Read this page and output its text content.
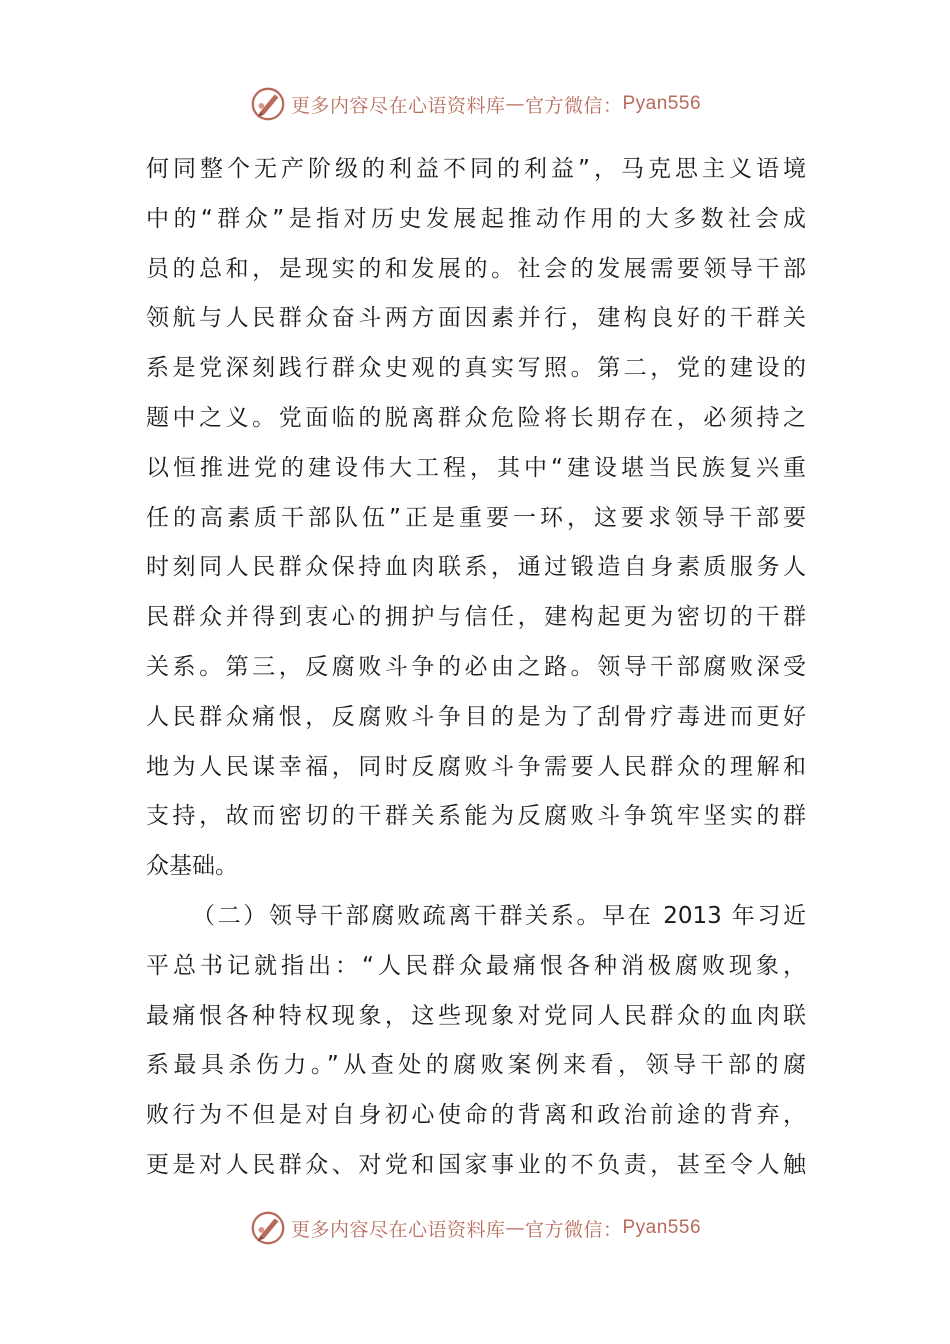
更多内容尽在心语资料库 — 官方微信： Pyan556
何同整个无产阶级的利益不同的利益”，马克思主义语境
中的“群众”是指对历史发展起推动作用的大多数社会成
员的总和，是现实的和发展的。社会的发展需要领导干部
领航与人民群众奋斗两方面因素并行，建构良好的干群关
系是党深刻践行群众史观的真实写照。第二，党的建设的
题中之义。党面临的脱离群众危险将长期存在，必须持之
以恒推进党的建设伟大工程，其中“建设堪当民族复兴重
任的高素质干部队伍”正是重要一环，这要求领导干部要
时刻同人民群众保持血肉联系，通过锻造自身素质服务人
民群众并得到衷心的拥护与信任，建构起更为密切的干群
关系。第三，反腐败斗争的必由之路。领导干部腐败深受
人民群众痛恨，反腐败斗争目的是为了刮骨疗毒进而更好
地为人民谋幸福，同时反腐败斗争需要人民群众的理解和
支持，故而密切的干群关系能为反腐败斗争筑牢坚实的群
众基础。
（二）领导干部腐败疏离干群关系。早在 2013 年习近
平总书记就指出：“人民群众最痛恨各种消极腐败现象，
最痛恨各种特权现象，这些现象对党同人民群众的血肉联
系最具杀伤力。”从查处的腐败案例来看，领导干部的腐
败行为不但是对自身初心使命的背离和政治前途的背弃，
更是对人民群众、对党和国家事业的不负责，甚至令人触
更多内容尽在心语资料库 — 官方微信： Pyan556
